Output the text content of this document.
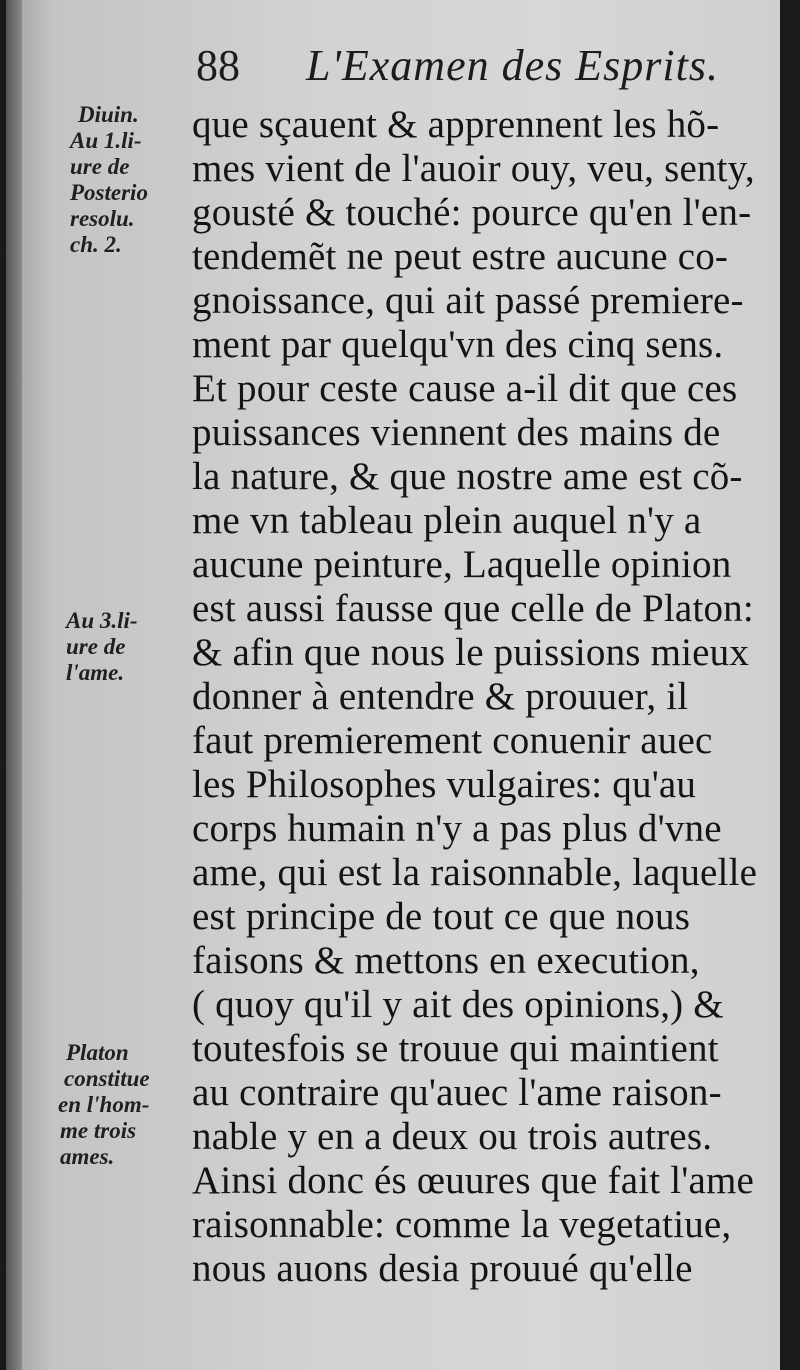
88 L'Examen des Esprits.
Diuin.
Au 1.li-
ure de
Posterio
resolu.
ch. 2.
Au 3.li-
ure de
l'ame.
Platon
constitue
en l'hom-
me trois
ames.
que sçauent & apprennent les hõ-
mes vient de l'auoir ouy, veu, senty,
gousté & touché: pource qu'en l'en-
tendemẽt ne peut estre aucune co-
gnoissance, qui ait passé premiere-
ment par quelqu'vn des cinq sens.
Et pour ceste cause a-il dit que ces
puissances viennent des mains de
la nature, & que nostre ame est cõ-
me vn tableau plein auquel n'y a
aucune peinture, Laquelle opinion
est aussi fausse que celle de Platon:
& afin que nous le puissions mieux
donner à entendre & prouuer, il
faut premierement conuenir auec
les Philosophes vulgaires: qu'au
corps humain n'y a pas plus d'vne
ame, qui est la raisonnable, laquelle
est principe de tout ce que nous
faisons & mettons en execution,
( quoy qu'il y ait des opinions,) &
toutesfois se trouue qui maintient
au contraire qu'auec l'ame raison-
nable y en a deux ou trois autres.
Ainsi donc és œuures que fait l'ame
raisonnable: comme la vegetatiue,
nous auons desia prouué qu'elle
